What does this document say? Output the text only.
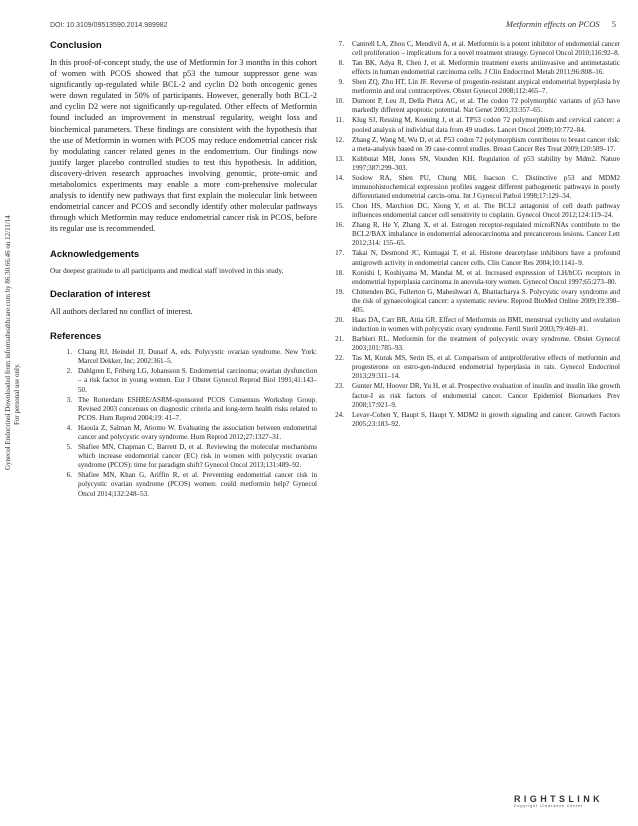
DOI: 10.3109/09513590.2014.989982	Metformin effects on PCOS 5
Gynecol Endocrinol Downloaded from informahealthcare.com by 86.30.66.46 on 12/11/14 For personal use only.
Conclusion

In this proof-of-concept study, the use of Metformin for 3 months in this cohort of women with PCOS showed that p53 the tumour suppressor gene was significantly up-regulated while BCL-2 and cyclin D2 both oncogenic genes were down regulated in 50% of participants. However, generally both BCL-2 and cyclin D2 were not significantly up-regulated. Other effects of Metformin found included an improvement in menstrual regularity, weight loss and biochemical parameters. These findings are consistent with the hypothesis that the use of Metformin in women with PCOS may reduce endometrial cancer risk by modulating cancer related genes in the endometrium. Our findings now justify larger placebo controlled studies to test this hypothesis. In addition, discovery-driven research approaches involving genomic, prote-omic and metabolomics experiments may enable a more com-prehensive molecular analysis to identify new pathways that first explain the molecular link between endometrial cancer and PCOS and secondly identify other molecular pathways through which Metformin may reduce endometrial cancer risk in PCOS, before its regular use is recommended.

Acknowledgements

Our deepest gratitude to all participants and medical staff involved in this study.

Declaration of interest

All authors declared no conflict of interest.

References
1. Chang RJ, Heindel JJ, Dunaif A, eds. Polycystic ovarian syndrome. New York: Marcel Dekker, Inc; 2002:361–5.
2. Dahlgren E, Friberg LG, Johansson S. Endometrial carcinoma; ovarian dysfunction – a risk factor in young women. Eur J Obstet Gynecol Reprod Biol 1991;41:143–50.
3. The Rotterdam ESHRE/ASRM-sponsored PCOS Consensus Workshop Group. Revised 2003 concensus on diagnostic criteria and long-term health risks related to PCOS. Hum Reprod 2004;19: 41–7.
4. Haoula Z, Salman M, Atiomo W. Evaluating the association between endometrial cancer and polycystic ovary syndrome. Hum Reprod 2012;27:1327–31.
5. Shafiee MN, Chapman C, Barrett D, et al. Reviewing the molecular mechanisms which increase endometrial cancer (EC) risk in women with polycystic ovarian syndrome (PCOS): time for paradigm shift? Gynecol Oncol 2013;131:489–92.
6. Shafiee MN, Khan G, Ariffin R, et al. Preventing endometrial cancer risk in polycystic ovarian syndrome (PCOS) women: could metformin help? Gynecol Oncol 2014;132:248–53.
7. Cantrell LA, Zhou C, Mendivil A, et al. Metformin is a potent inhibitor of endometrial cancer cell proliferation – implications for a novel treatment strategy. Gynecol Oncol 2010;116:92–8.
8. Tan BK, Adya R, Chen J, et al. Metformin treatment exerts antiinvasive and antimetastatic effects in human endometrial carcinoma cells. J Clin Endocrinol Metab 2011;96:808–16.
9. Shen ZQ, Zhu HT, Lin JF. Reverse of progestin-resistant atypical endometrial hyperplasia by metformin and oral contraceptives. Obstet Gynecol 2008;112:465–7.
10. Dumont P, Leu JI, Della Pietra AC, et al. The codon 72 polymorphic variants of p53 have markedly different apoptotic potential. Nat Genet 2003;33:357–65.
11. Klug SJ, Ressing M, Koening J, et al. TP53 codon 72 polymorphism and cervical cancer: a pooled analysis of individual data from 49 studies. Lancet Oncol 2009;10:772–84.
12. Zhang Z, Wang M, Wu D, et al. P53 codon 72 polymorphism contributes to breast cancer risk: a meta-analysis based on 39 case-control studies. Breast Cancer Res Treat 2009;120:509–17.
13. Kubbutat MH, Jones SN, Vousden KH. Regulation of p53 stability by Mdm2. Nature 1997;387:299–303.
14. Soslow RA, Shen PU, Chung MH, Isacson C. Distinctive p53 and MDM2 immunohistochemical expression profiles suggest different pathogenetic pathways in poorly differentiated endometrial carcin-oma. Int J Gynecol Pathol 1998;17:129–34.
15. Chon HS, Marchion DC, Xiong Y, et al. The BCL2 antagonist of cell death pathway influences endometrial cancer cell sensitivity to cisplatin. Gynecol Oncol 2012;124:119–24.
16. Zhang R, He Y, Zhang X, et al. Estrogen receptor-regulated microRNAs contribute to the BCL2/BAX imbalance in endometrial adenocarcinoma and precancerous lesions. Cancer Lett 2012;314: 155–65.
17. Takai N, Desmond JC, Kumagai T, et al. Histone deacetylase inhibitors have a profound antigrowth activity in endometrial cancer cells. Clin Cancer Res 2004;10:1141–9.
18. Konishi I, Koshiyama M, Mandai M, et al. Increased expression of LH/hCG receptors in endometrial hyperplasia carcinoma in anovula-tory women. Gynecol Oncol 1997;65:273–80.
19. Chittenden BG, Fullerton G, Maheshwari A, Bhattacharya S. Polycystic ovary syndrome and the risk of gynaecological cancer: a systematic review. Reprod BioMed Online 2009;19:398–405.
20. Haas DA, Carr BR, Attia GR. Effect of Metformin on BMI, menstrual cyclicity and ovulation induction in women with polycystic ovary syndrome. Fertil Steril 2003;79:469–81.
21. Barbieri RL. Metformin for the treatment of polycystic ovary syndrome. Obstet Gynecol 2003;101:785–93.
22. Tas M, Kutuk MS, Serin IS, et al. Comparison of antiproliferative effects of metformin and progesterone on estro-gen-induced endometrial hyperplasia in rats. Gynecol Endocrinol 2013;29:311–14.
23. Gunter MJ, Hoover DR, Yu H, et al. Prospective evaluation of insulin and insulin like growth factor-I as risk factors of endometrial cancer. Cancer Epidemiol Biomarkers Prev 2008;17:921–9.
24. Levav-Cohen Y, Haupt S, Haupt Y. MDM2 in growth signaling and cancer. Growth Factors 2005;23:183–92.
RIGHTSLINK
Copyright Clearance Center
